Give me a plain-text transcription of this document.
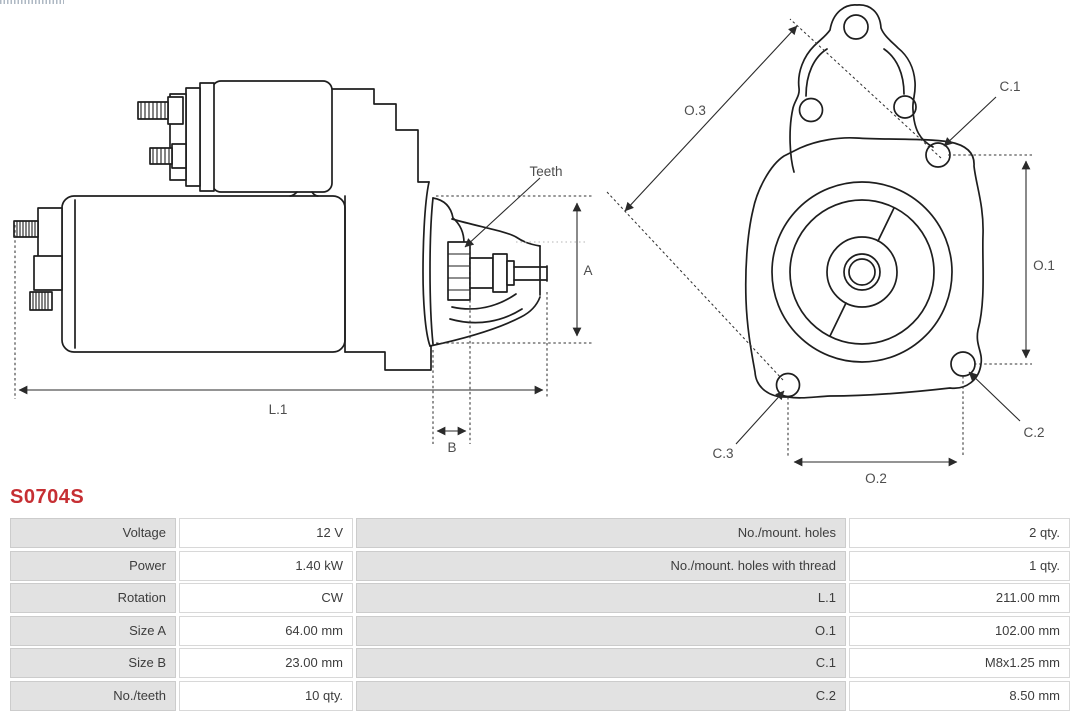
Teeth
A
L.1
B
O.3
C.1
O.1
C.2
C.3
O.2
S0704S
Voltage	12 V	No./mount. holes	2 qty.
Power	1.40 kW	No./mount. holes with thread	1 qty.
Rotation	CW	L.1	211.00 mm
Size A	64.00 mm	O.1	102.00 mm
Size B	23.00 mm	C.1	M8x1.25 mm
No./teeth	10 qty.	C.2	8.50 mm
